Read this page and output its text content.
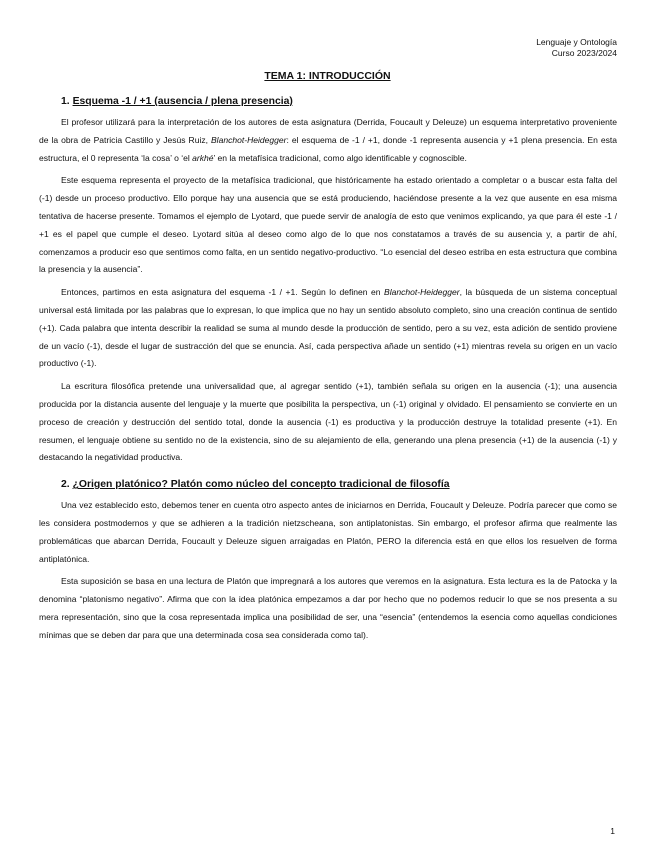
Lenguaje y Ontología
Curso 2023/2024
TEMA 1: INTRODUCCIÓN
1. Esquema -1 / +1 (ausencia / plena presencia)

El profesor utilizará para la interpretación de los autores de esta asignatura (Derrida, Foucault y Deleuze) un esquema interpretativo proveniente de la obra de Patricia Castillo y Jesús Ruiz, Blanchot-Heidegger: el esquema de -1 / +1, donde -1 representa ausencia y +1 plena presencia. En esta estructura, el 0 representa ‘la cosa’ o ‘el arkhé’ en la metafísica tradicional, como algo identificable y cognoscible.

Este esquema representa el proyecto de la metafísica tradicional, que históricamente ha estado orientado a completar o a buscar esta falta del (-1) desde un proceso productivo. Ello porque hay una ausencia que se está produciendo, haciéndose presente a la vez que ausente en esa misma tentativa de hacerse presente. Tomamos el ejemplo de Lyotard, que puede servir de analogía de esto que venimos explicando, ya que para él este -1 / +1 es el papel que cumple el deseo. Lyotard sitúa al deseo como algo de lo que nos constatamos a través de su ausencia y, a partir de ahí, comenzamos a producir eso que sentimos como falta, en un sentido negativo-productivo. “Lo esencial del deseo estriba en esta estructura que combina la presencia y la ausencia”.

Entonces, partimos en esta asignatura del esquema -1 / +1. Según lo definen en Blanchot-Heidegger, la búsqueda de un sistema conceptual universal está limitada por las palabras que lo expresan, lo que implica que no hay un sentido absoluto completo, sino una creación continua de sentido (+1). Cada palabra que intenta describir la realidad se suma al mundo desde la producción de sentido, pero a su vez, esta adición de sentido proviene de un vacío (-1), desde el lugar de sustracción del que se enuncia. Así, cada perspectiva añade un sentido (+1) mientras revela su origen en un vacío productivo (-1).

La escritura filosófica pretende una universalidad que, al agregar sentido (+1), también señala su origen en la ausencia (-1); una ausencia producida por la distancia ausente del lenguaje y la muerte que posibilita la perspectiva, un (-1) original y olvidado. El pensamiento se convierte en un proceso de creación y destrucción del sentido total, donde la ausencia (-1) es productiva y la producción destruye la totalidad presente (+1). En resumen, el lenguaje obtiene su sentido no de la existencia, sino de su alejamiento de ella, generando una plena presencia (+1) de la ausencia (-1) y destacando la negatividad productiva.

2. ¿Origen platónico? Platón como núcleo del concepto tradicional de filosofía

Una vez establecido esto, debemos tener en cuenta otro aspecto antes de iniciarnos en Derrida, Foucault y Deleuze. Podría parecer que como se les considera postmodernos y que se adhieren a la tradición nietzscheana, son antiplatonistas. Sin embargo, el profesor afirma que realmente las problemáticas que abarcan Derrida, Foucault y Deleuze siguen arraigadas en Platón, PERO la diferencia está en que ellos los resuelven de forma antiplatónica.

Esta suposición se basa en una lectura de Platón que impregnará a los autores que veremos en la asignatura. Esta lectura es la de Patocka y la denomina “platonismo negativo”. Afirma que con la idea platónica empezamos a dar por hecho que no podemos reducir lo que se nos presenta a su mera representación, sino que la cosa representada implica una posibilidad de ser, una “esencia” (entendemos la esencia como aquellas condiciones mínimas que se deben dar para que una determinada cosa sea considerada como tal).

1
